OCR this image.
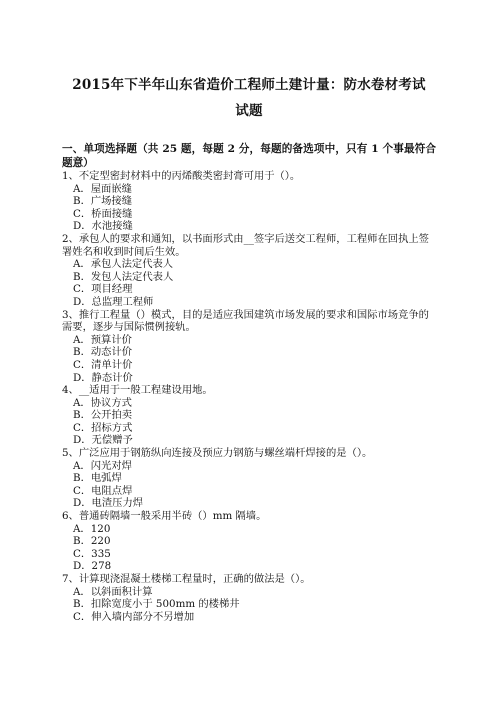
2015年下半年山东省造价工程师土建计量：防水卷材考试
试题

一、单项选择题（共 25 题，每题 2 分，每题的备选项中，只有 1 个事最符合题意）

1、不定型密封材料中的丙烯酸类密封膏可用于（）。

A．屋面嵌缝

B．广场接缝

C．桥面接缝

D．水池接缝

2、承包人的要求和通知，以书面形式由__签字后送交工程师，工程师在回执上签署姓名和收到时间后生效。

A．承包人法定代表人

B．发包人法定代表人

C．项目经理

D．总监理工程师

3、推行工程量（）模式，目的是适应我国建筑市场发展的要求和国际市场竞争的需要，逐步与国际惯例接轨。

A．预算计价

B．动态计价

C．清单计价

D．静态计价

4、__适用于一般工程建设用地。

A．协议方式

B．公开拍卖

C．招标方式

D．无偿赠予

5、广泛应用于钢筋纵向连接及预应力钢筋与螺丝端杆焊接的是（）。

A．闪光对焊

B．电弧焊

C．电阻点焊

D．电渣压力焊

6、普通砖隔墙一般采用半砖（）mm 隔墙。

A．120

B．220

C．335

D．278

7、计算现浇混凝土楼梯工程量时，正确的做法是（）。

A．以斜面积计算

B．扣除宽度小于 500mm 的楼梯井

C．伸入墙内部分不另增加
